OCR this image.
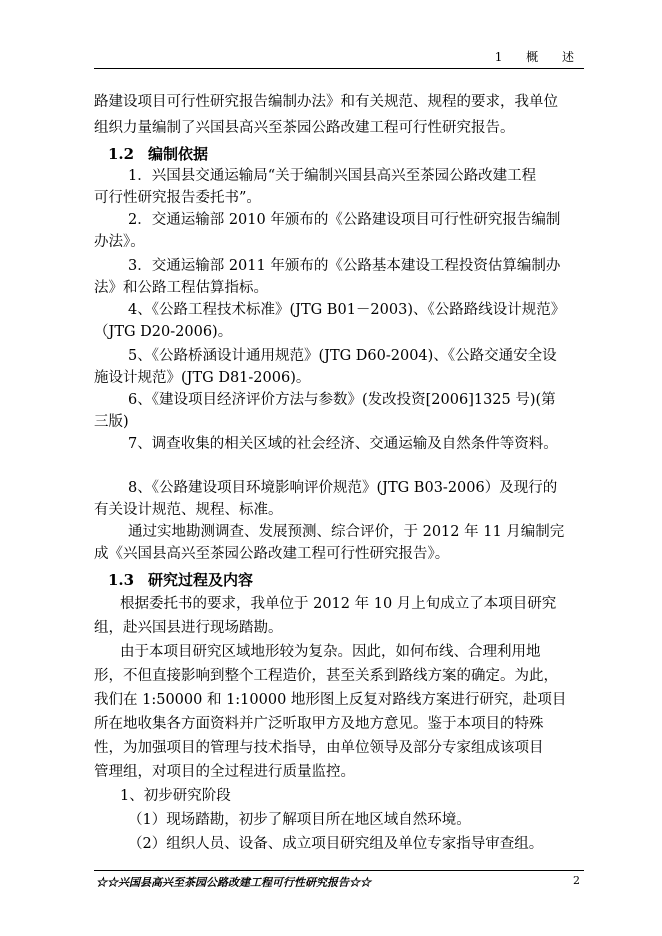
1 概 述
路建设项目可行性研究报告编制办法》和有关规范、规程的要求，我单位
组织力量编制了兴国县高兴至茶园公路改建工程可行性研究报告。
1.2 编制依据
1．兴国县交通运输局“关于编制兴国县高兴至茶园公路改建工程
可行性研究报告委托书”。
2．交通运输部 2010 年颁布的《公路建设项目可行性研究报告编制
办法》。
3．交通运输部 2011 年颁布的《公路基本建设工程投资估算编制办
法》和公路工程估算指标。
4、《公路工程技术标准》(JTG B01－2003)、《公路路线设计规范》
（JTG D20-2006)。
5、《公路桥涵设计通用规范》(JTG D60-2004)、《公路交通安全设
施设计规范》(JTG D81-2006)。
6、《建设项目经济评价方法与参数》(发改投资[2006]1325 号)(第
三版)
7、调查收集的相关区域的社会经济、交通运输及自然条件等资料。
8、《公路建设项目环境影响评价规范》(JTG B03-2006）及现行的
有关设计规范、规程、标准。
通过实地勘测调查、发展预测、综合评价，于 2012 年 11 月编制完
成《兴国县高兴至茶园公路改建工程可行性研究报告》。
1.3 研究过程及内容
根据委托书的要求，我单位于 2012 年 10 月上旬成立了本项目研究
组，赴兴国县进行现场踏勘。
由于本项目研究区域地形较为复杂。因此，如何布线、合理利用地
形，不但直接影响到整个工程造价，甚至关系到路线方案的确定。为此，
我们在 1:50000 和 1:10000 地形图上反复对路线方案进行研究，赴项目
所在地收集各方面资料并广泛听取甲方及地方意见。鉴于本项目的特殊
性，为加强项目的管理与技术指导，由单位领导及部分专家组成该项目
管理组，对项目的全过程进行质量监控。
1、初步研究阶段
（1）现场踏勘，初步了解项目所在地区域自然环境。
（2）组织人员、设备、成立项目研究组及单位专家指导审查组。
☆☆兴国县高兴至茶园公路改建工程可行性研究报告☆☆	2
